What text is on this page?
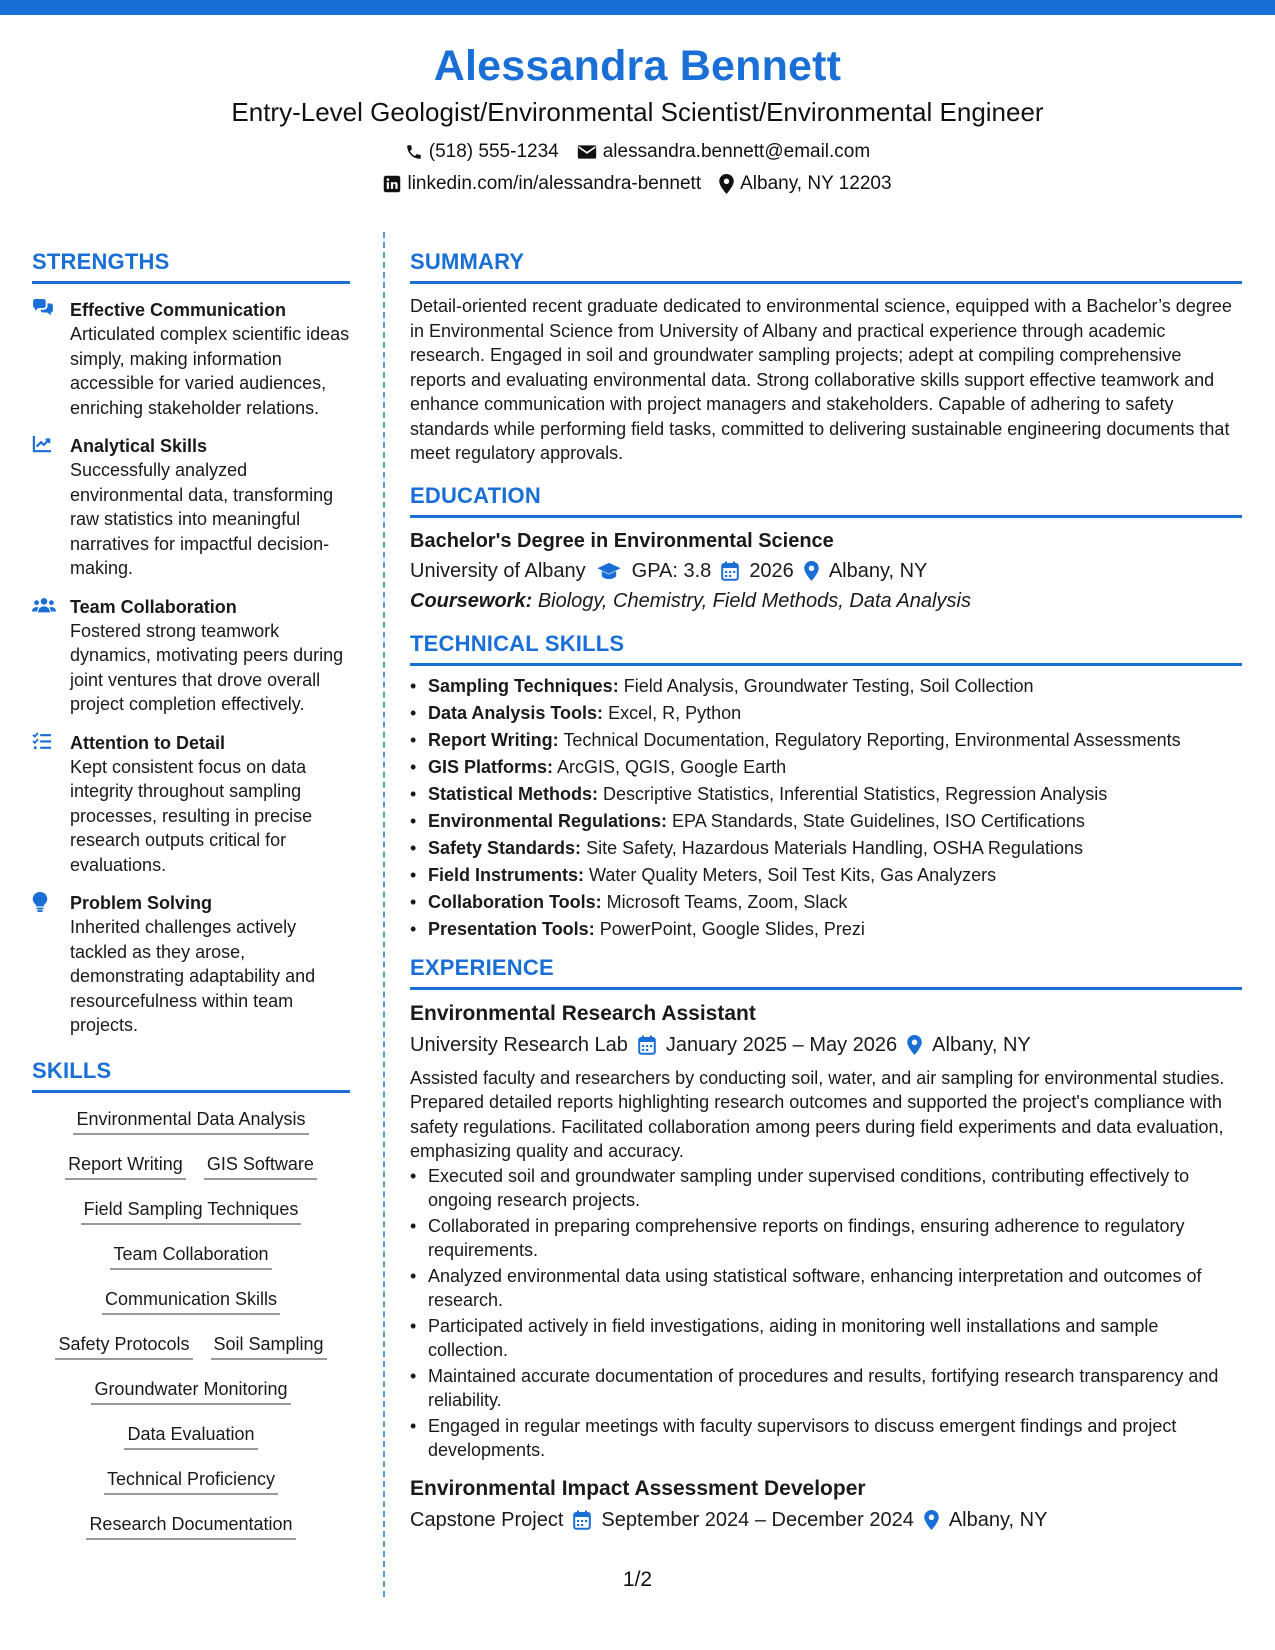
Alessandra Bennett
Entry-Level Geologist/Environmental Scientist/Environmental Engineer
(518) 555-1234 alessandra.bennett@email.com
linkedin.com/in/alessandra-bennett Albany, NY 12203
STRENGTHS
Effective Communication
Articulated complex scientific ideas simply, making information accessible for varied audiences, enriching stakeholder relations.
Analytical Skills
Successfully analyzed environmental data, transforming raw statistics into meaningful narratives for impactful decision-making.
Team Collaboration
Fostered strong teamwork dynamics, motivating peers during joint ventures that drove overall project completion effectively.
Attention to Detail
Kept consistent focus on data integrity throughout sampling processes, resulting in precise research outputs critical for evaluations.
Problem Solving
Inherited challenges actively tackled as they arose, demonstrating adaptability and resourcefulness within team projects.
SKILLS
Environmental Data Analysis
Report Writing GIS Software
Field Sampling Techniques
Team Collaboration
Communication Skills
Safety Protocols Soil Sampling
Groundwater Monitoring
Data Evaluation
Technical Proficiency
Research Documentation
SUMMARY
Detail-oriented recent graduate dedicated to environmental science, equipped with a Bachelor’s degree in Environmental Science from University of Albany and practical experience through academic research. Engaged in soil and groundwater sampling projects; adept at compiling comprehensive reports and evaluating environmental data. Strong collaborative skills support effective teamwork and enhance communication with project managers and stakeholders. Capable of adhering to safety standards while performing field tasks, committed to delivering sustainable engineering documents that meet regulatory approvals.
EDUCATION
Bachelor's Degree in Environmental Science
University of Albany GPA: 3.8 2026 Albany, NY
Coursework: Biology, Chemistry, Field Methods, Data Analysis
TECHNICAL SKILLS
• Sampling Techniques: Field Analysis, Groundwater Testing, Soil Collection
• Data Analysis Tools: Excel, R, Python
• Report Writing: Technical Documentation, Regulatory Reporting, Environmental Assessments
• GIS Platforms: ArcGIS, QGIS, Google Earth
• Statistical Methods: Descriptive Statistics, Inferential Statistics, Regression Analysis
• Environmental Regulations: EPA Standards, State Guidelines, ISO Certifications
• Safety Standards: Site Safety, Hazardous Materials Handling, OSHA Regulations
• Field Instruments: Water Quality Meters, Soil Test Kits, Gas Analyzers
• Collaboration Tools: Microsoft Teams, Zoom, Slack
• Presentation Tools: PowerPoint, Google Slides, Prezi
EXPERIENCE
Environmental Research Assistant
University Research Lab January 2025 – May 2026 Albany, NY
Assisted faculty and researchers by conducting soil, water, and air sampling for environmental studies. Prepared detailed reports highlighting research outcomes and supported the project's compliance with safety regulations. Facilitated collaboration among peers during field experiments and data evaluation, emphasizing quality and accuracy.
• Executed soil and groundwater sampling under supervised conditions, contributing effectively to ongoing research projects.
• Collaborated in preparing comprehensive reports on findings, ensuring adherence to regulatory requirements.
• Analyzed environmental data using statistical software, enhancing interpretation and outcomes of research.
• Participated actively in field investigations, aiding in monitoring well installations and sample collection.
• Maintained accurate documentation of procedures and results, fortifying research transparency and reliability.
• Engaged in regular meetings with faculty supervisors to discuss emergent findings and project developments.
Environmental Impact Assessment Developer
Capstone Project September 2024 – December 2024 Albany, NY
1/2
